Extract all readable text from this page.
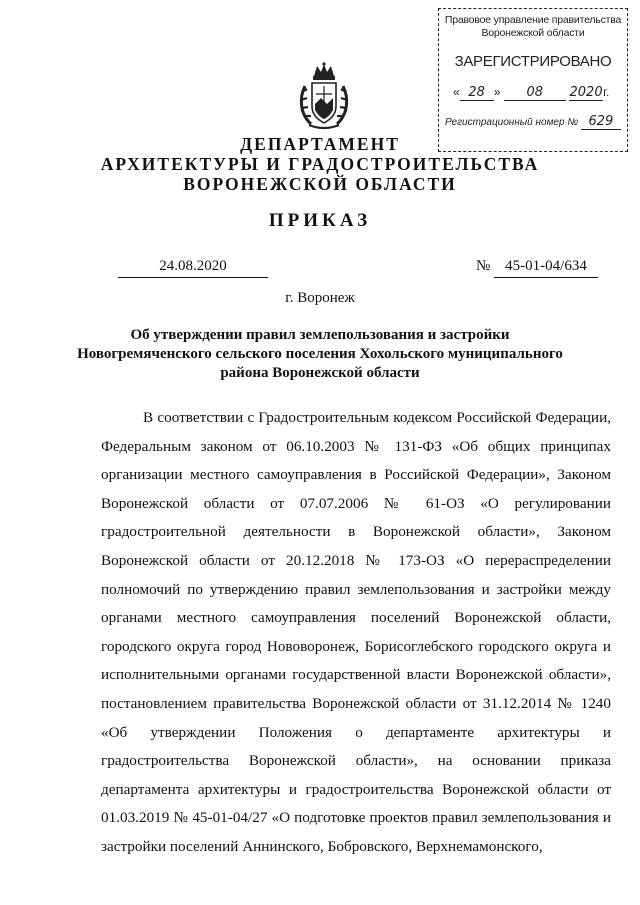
Правовое управление правительства
Воронежской области
ЗАРЕГИСТРИРОВАНО
« 28 » 08 2020г.
Регистрационный номер № 629
ДЕПАРТАМЕНТ
АРХИТЕКТУРЫ И ГРАДОСТРОИТЕЛЬСТВА
ВОРОНЕЖСКОЙ ОБЛАСТИ
ПРИКАЗ
24.08.2020	№ 45-01-04/634
г. Воронеж
Об утверждении правил землепользования и застройки
Новогремяченского сельского поселения Хохольского муниципального
района Воронежской области

В соответствии с Градостроительным кодексом Российской Федерации, Федеральным законом от 06.10.2003 № 131-ФЗ «Об общих принципах организации местного самоуправления в Российской Федерации», Законом Воронежской области от 07.07.2006 № 61-ОЗ «О регулировании градостроительной деятельности в Воронежской области», Законом Воронежской области от 20.12.2018 № 173-ОЗ «О перераспределении полномочий по утверждению правил землепользования и застройки между органами местного самоуправления поселений Воронежской области, городского округа город Нововоронеж, Борисоглебского городского округа и исполнительными органами государственной власти Воронежской области», постановлением правительства Воронежской области от 31.12.2014 № 1240 «Об утверждении Положения о департаменте архитектуры и градостроительства Воронежской области», на основании приказа департамента архитектуры и градостроительства Воронежской области от 01.03.2019 № 45-01-04/27 «О подготовке проектов правил землепользования и застройки поселений Аннинского, Бобровского, Верхнемамонского,
